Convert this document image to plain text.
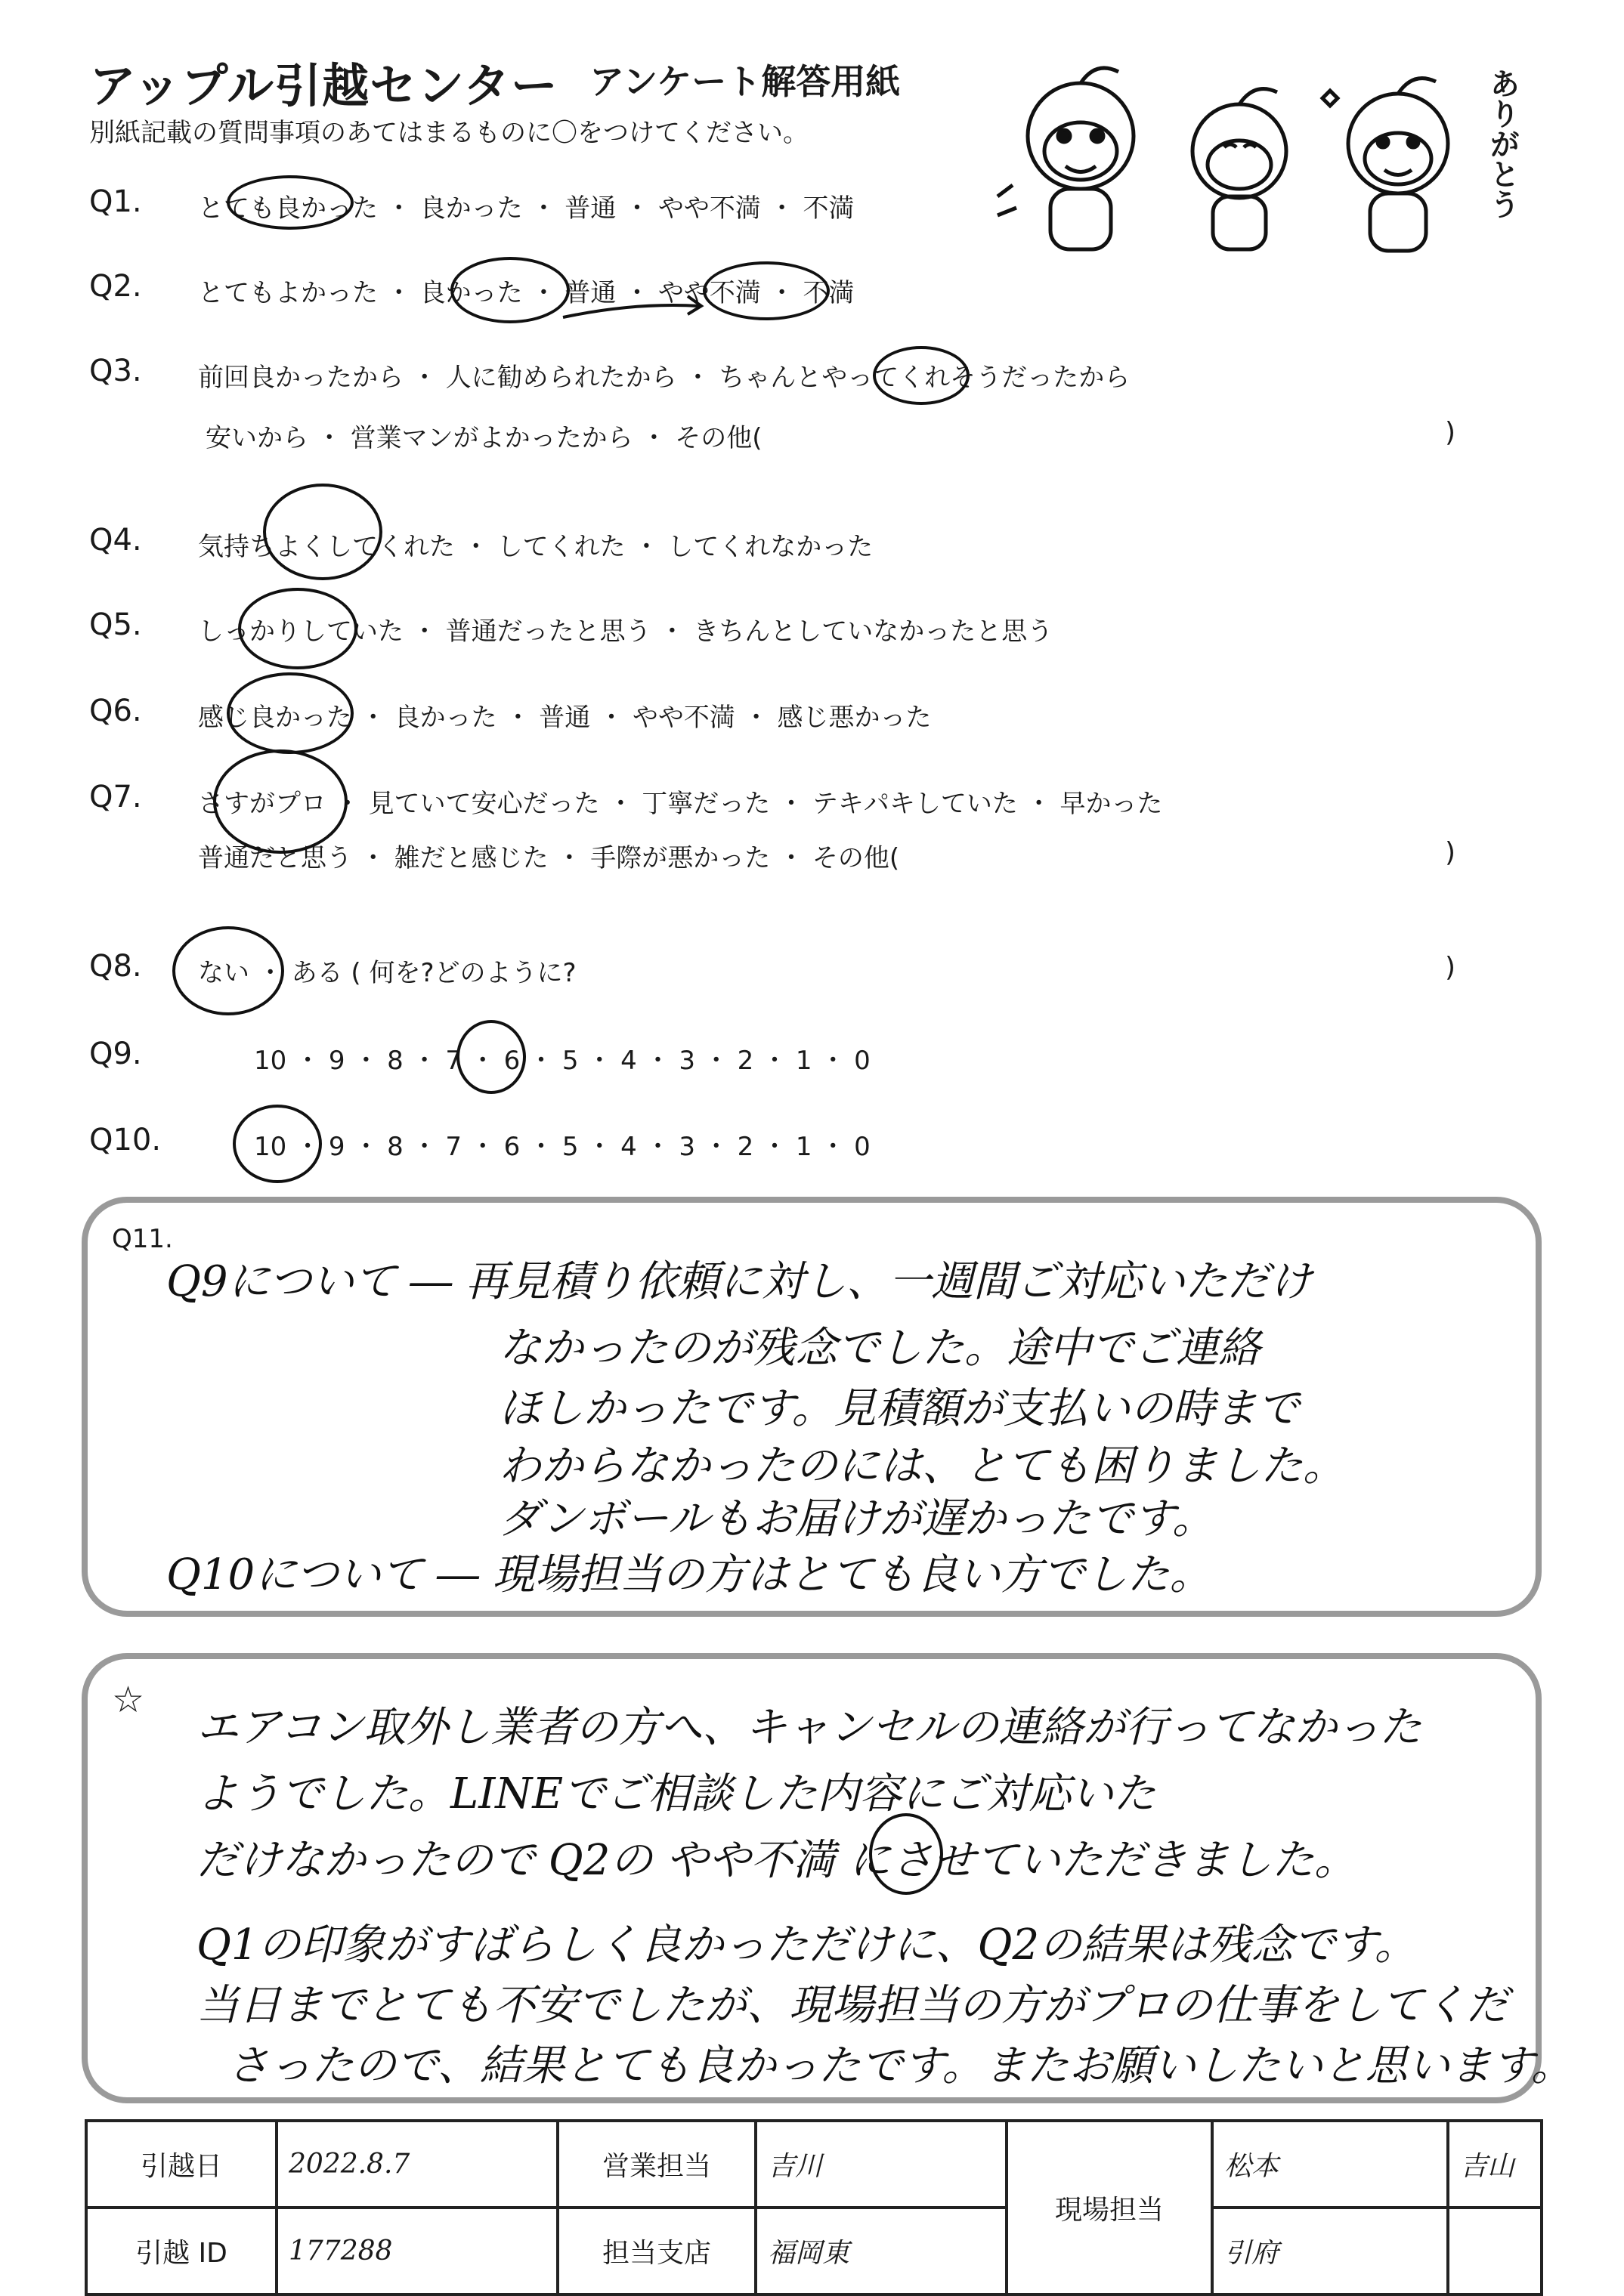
アップル引越センター アンケート解答用紙
別紙記載の質問事項のあてはまるものに〇をつけてください。	ありがとう
Q1. とても良かった ・ 良かった ・ 普通 ・ やや不満 ・ 不満
Q2. とてもよかった ・ 良かった ・ 普通 ・ やや不満 ・ 不満
Q3. 前回良かったから ・ 人に勧められたから ・ ちゃんとやってくれそうだったから
安いから ・ 営業マンがよかったから ・ その他(	)
Q4. 気持ちよくしてくれた ・ してくれた ・ してくれなかった
Q5. しっかりしていた ・ 普通だったと思う ・ きちんとしていなかったと思う
Q6. 感じ良かった ・ 良かった ・ 普通 ・ やや不満 ・ 感じ悪かった
Q7. さすがプロ ・ 見ていて安心だった ・ 丁寧だった ・ テキパキしていた ・ 早かった
普通だと思う ・ 雑だと感じた ・ 手際が悪かった ・ その他(	)
Q8. ない ・ ある ( 何を?どのように?	)
Q9.	10 ・ 9 ・ 8 ・ 7 ・ 6 ・ 5 ・ 4 ・ 3 ・ 2 ・ 1 ・ 0
Q10.	10 ・ 9 ・ 8 ・ 7 ・ 6 ・ 5 ・ 4 ・ 3 ・ 2 ・ 1 ・ 0
Q11.
Q9について ― 再見積り依頼に対し、一週間ご対応いただけ
なかったのが残念でした。途中でご連絡
ほしかったです。見積額が支払いの時まで
わからなかったのには、とても困りました。
ダンボールもお届けが遅かったです。
Q10について ― 現場担当の方はとても良い方でした。
☆
エアコン取外し業者の方へ、キャンセルの連絡が行ってなかった
ようでした。LINEでご相談した内容にご対応いた
だけなかったので Q2の やや不満 にさせていただきました。
Q1の印象がすばらしく良かっただけに、Q2の結果は残念です。
当日までとても不安でしたが、現場担当の方がプロの仕事をしてくだ
さったので、結果とても良かったです。またお願いしたいと思います。
引越日	2022.8.7	営業担当	吉川	現場担当	松本	吉山
引越 ID	177288	担当支店	福岡東		引府	
